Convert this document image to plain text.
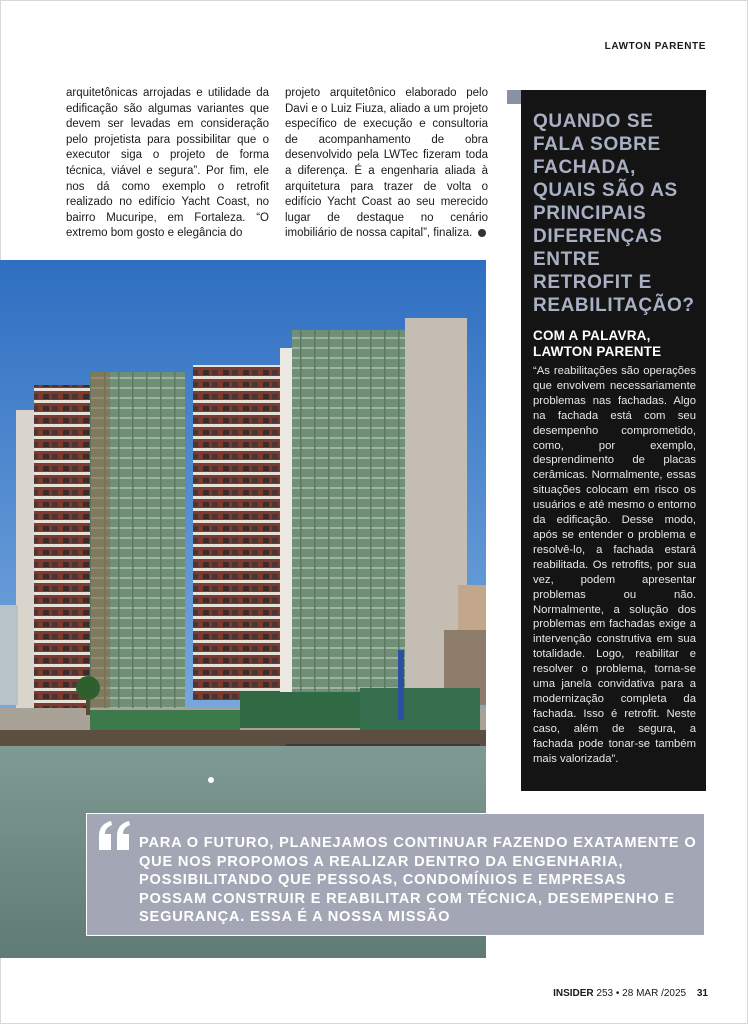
LAWTON PARENTE

arquitetônicas arrojadas e utilidade da edificação são algumas variantes que devem ser levadas em consideração pelo projetista para possibilitar que o executor siga o projeto de forma técnica, viável e segura”. Por fim, ele nos dá como exemplo o retrofit realizado no edifício Yacht Coast, no bairro Mucuripe, em Fortaleza. “O extremo bom gosto e elegância do

projeto arquitetônico elaborado pelo Davi e o Luiz Fiuza, aliado a um projeto específico de execução e consultoria de acompanhamento de obra desenvolvido pela LWTec fizeram toda a diferença. É a engenharia aliada à arquitetura para trazer de volta o edifício Yacht Coast ao seu merecido lugar de destaque no cenário imobiliário de nossa capital”, finaliza.

QUANDO SE FALA SOBRE FACHADA, QUAIS SÃO AS PRINCIPAIS DIFERENÇAS ENTRE RETROFIT E REABILITAÇÃO?
COM A PALAVRA, LAWTON PARENTE

“As reabilitações são operações que envolvem necessariamente problemas nas fachadas. Algo na fachada está com seu desempenho comprometido, como, por exemplo, desprendimento de placas cerâmicas. Normalmente, essas situações colocam em risco os usuários e até mesmo o entorno da edificação. Desse modo, após se entender o problema e resolvê-lo, a fachada estará reabilitada. Os retrofits, por sua vez, podem apresentar problemas ou não. Normalmente, a solução dos problemas em fachadas exige a intervenção construtiva em sua totalidade. Logo, reabilitar e resolver o problema, torna-se uma janela convidativa para a modernização completa da fachada. Isso é retrofit. Neste caso, além de segura, a fachada pode tonar-se também mais valorizada”.

PARA O FUTURO, PLANEJAMOS CONTINUAR FAZENDO EXATAMENTE O QUE NOS PROPOMOS A REALIZAR DENTRO DA ENGENHARIA, POSSIBILITANDO QUE PESSOAS, CONDOMÍNIOS E EMPRESAS POSSAM CONSTRUIR E REABILITAR COM TÉCNICA, DESEMPENHO E SEGURANÇA. ESSA É A NOSSA MISSÃO

INSIDER 253 • 28 MAR /2025 31
